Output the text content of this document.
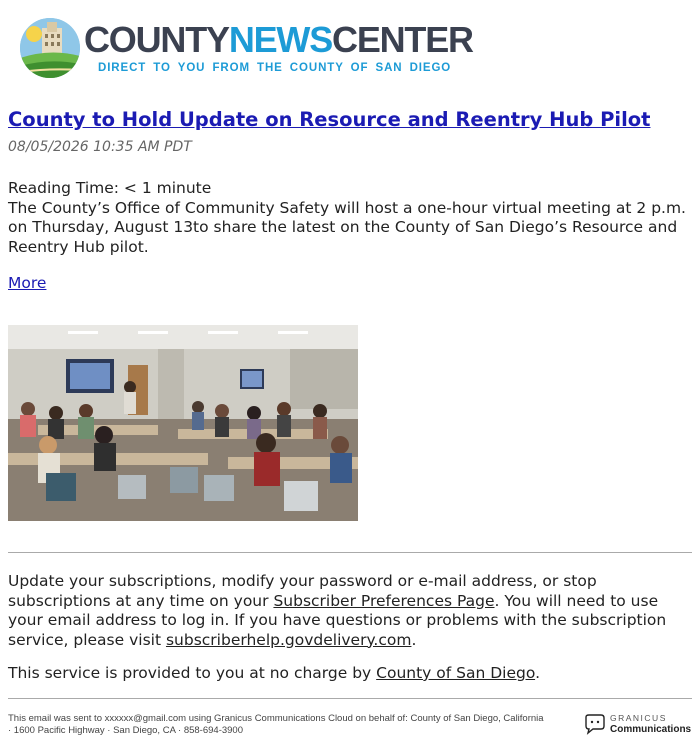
COUNTYNEWSCENTER
DIRECT TO YOU FROM THE COUNTY OF SAN DIEGO
County to Hold Update on Resource and Reentry Hub Pilot
08/05/2026 10:35 AM PDT
Reading Time: < 1 minute
The County’s Office of Community Safety will host a one-hour virtual meeting at 2 p.m. on Thursday, August 13to share the latest on the County of San Diego’s Resource and Reentry Hub pilot.
More
Update your subscriptions, modify your password or e-mail address, or stop subscriptions at any time on your Subscriber Preferences Page. You will need to use your email address to log in. If you have questions or problems with the subscription service, please visit subscriberhelp.govdelivery.com.
This service is provided to you at no charge by County of San Diego.
This email was sent to xxxxxx@gmail.com using Granicus Communications Cloud on behalf of: County of San Diego, California
· 1600 Pacific Highway · San Diego, CA · 858-694-3900
GRANICUS
Communications
